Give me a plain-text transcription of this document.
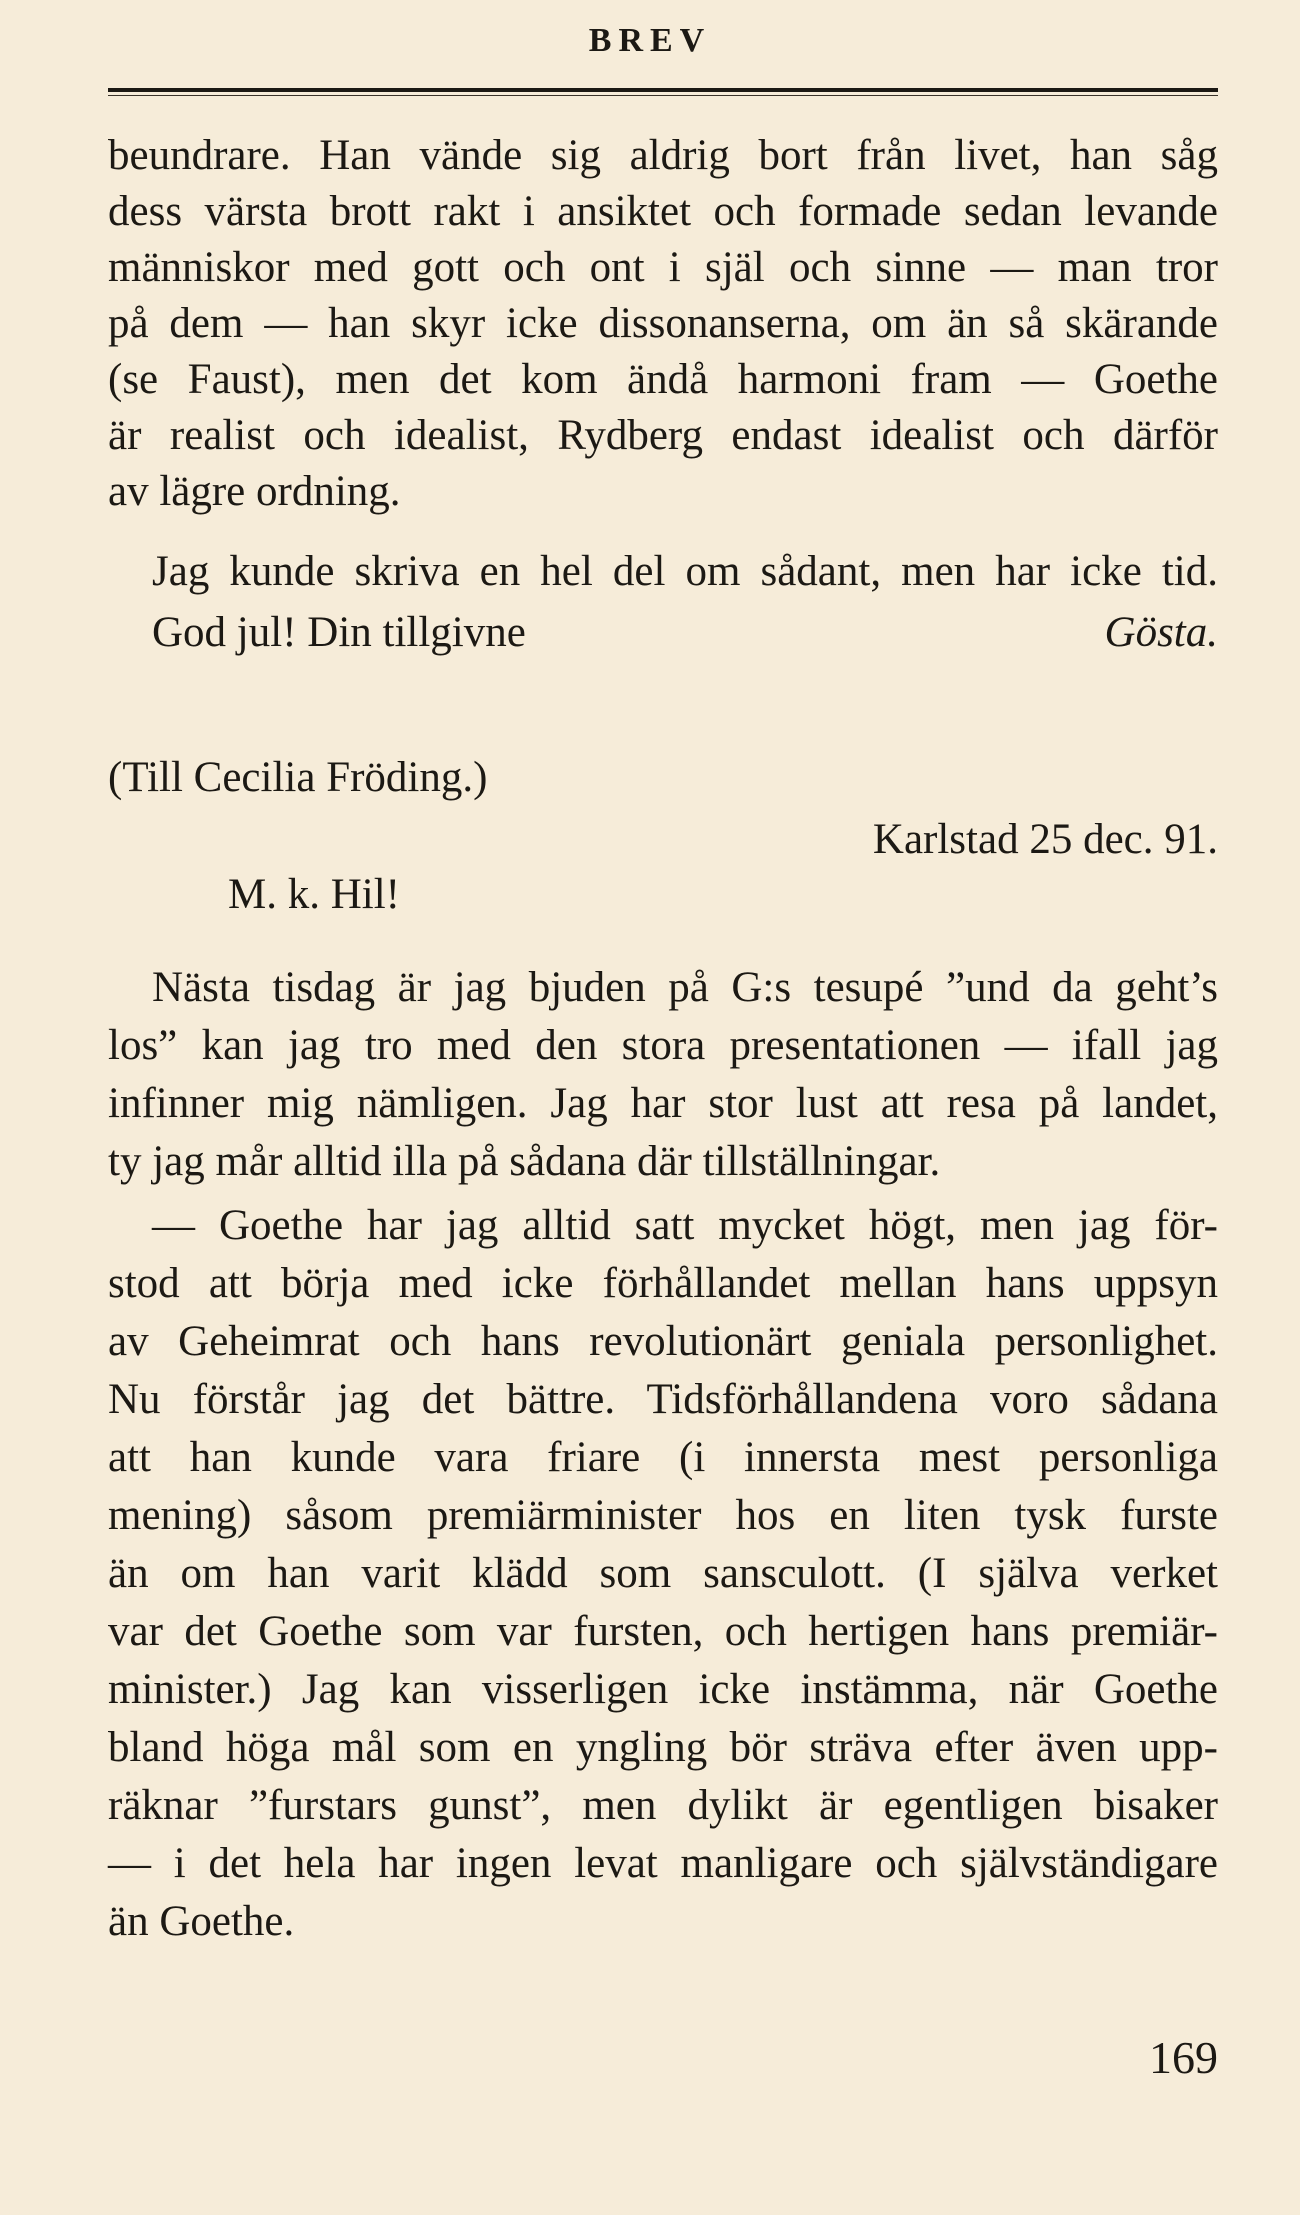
BREV
beundrare. Han vände sig aldrig bort från livet, han såg
dess värsta brott rakt i ansiktet och formade sedan levande
människor med gott och ont i själ och sinne — man tror
på dem — han skyr icke dissonanserna, om än så skärande
(se Faust), men det kom ändå harmoni fram — Goethe
är realist och idealist, Rydberg endast idealist och därför
av lägre ordning.
Jag kunde skriva en hel del om sådant, men har icke tid.
God jul! Din tillgivne	Gösta.
(Till Cecilia Fröding.)
Karlstad 25 dec. 91.
M. k. Hil!
Nästa tisdag är jag bjuden på G:s tesupé ”und da geht’s
los” kan jag tro med den stora presentationen — ifall jag
infinner mig nämligen. Jag har stor lust att resa på landet,
ty jag mår alltid illa på sådana där tillställningar.
— Goethe har jag alltid satt mycket högt, men jag för-
stod att börja med icke förhållandet mellan hans uppsyn
av Geheimrat och hans revolutionärt geniala personlighet.
Nu förstår jag det bättre. Tidsförhållandena voro sådana
att han kunde vara friare (i innersta mest personliga
mening) såsom premiärminister hos en liten tysk furste
än om han varit klädd som sansculott. (I själva verket
var det Goethe som var fursten, och hertigen hans premiär-
minister.) Jag kan visserligen icke instämma, när Goethe
bland höga mål som en yngling bör sträva efter även upp-
räknar ”furstars gunst”, men dylikt är egentligen bisaker
— i det hela har ingen levat manligare och självständigare
än Goethe.
169
